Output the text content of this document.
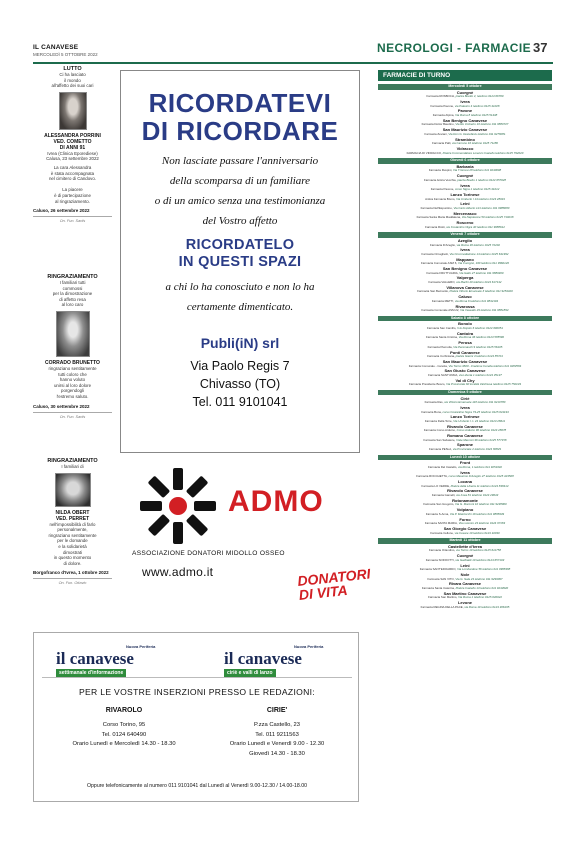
IL CANAVESE
MERCOLEDÌ 5 OTTOBRE 2022	NECROLOGI - FARMACIE 37
LUTTO
Ci ha lasciato
il mondo
all'affetto dei suoi cari
ALESSANDRA PORRINI
VED. COMETTO
DI ANNI 91
Ivrea (Clinica Eporediese)
Calusa, 23 settembre 2022
La cara Alessandra
è stata accompagnata
nel cimitero di Candovo.

La piacere
è di partecipazione
al ringraziamento.
Caluso, 26 settembre 2022
On. Fun. Sartis
RINGRAZIAMENTO
I familiari tutti
commossi
per la dimostrazione
di affetto resa
al loro caro
CORRADO BRUNETTO
ringraziano sentitamente
tutti coloro che
hanno voluto
unirsi al loro dolore
porgendogli
l'estremo saluto.
Caluso, 30 settembre 2022
On. Fun. Sartis
RINGRAZIAMENTO
I familiari di
NILDA OBERT
VED. PERRET
nell'impossibilità di farlo
personalmente,
ringraziano sentitamente
per le domande
e la solidarietà
dimostrati
in questo momento
di dolore.
Borgofranco d'Ivrea, 1 ottobre 2022
On. Fun. Ottavio
RICORDATEVI
DI RICORDARE
Non lasciate passare l'anniversario
della scomparsa di un familiare
o di un amico senza una testimonianza
del Vostro affetto
RICORDATELO
IN QUESTI SPAZI
a chi lo ha conosciuto e non lo ha
certamente dimenticato.
Publi(iN) srl
Via Paolo Regis 7
Chivasso (TO)
Tel. 011 9101041
ADMO
ASSOCIAZIONE DONATORI MIDOLLO OSSEO
www.admo.it	DONATORI DI VITA
il canavese
Nuova Periferia
settimanale d'informazione
il canavese
Nuova Periferia
ciriè e valli di lanzo
PER LE VOSTRE INSERZIONI PRESSO LE REDAZIONI:
RIVAROLO
Corso Torino, 95
Tel. 0124 640490
Orario Lunedì e Mercoledì 14.30 - 18.30
CIRIE'
P.zza Castello, 23
Tel. 011 9211563
Orario Lunedì e Venerdì 9.00 - 12.30
Giovedì 14.30 - 18.30
Oppure telefonicamente al numero 011 9101041 dal Lunedì al Venerdì 9.00-12.30 / 14.00-18.00
FARMACIE DI TURNO
Mercoledì 5 ottobre
Cuorgnè
Farmacia ROSBOCH, piazza Boetto 4, telefono 0124 66760
Ivrea
Farmacia Pavone, via Palestro 4 telefono 0125 41028
Pavone
Farmacia Alpina, Via Roma 8 telefono 0125 51438
San Benigno Canavese
Farmacia Dottor Baudino, Via Re Umberto 10 telefono 011 9880727
San Maurizio Canavese
Farmacia Zeviani, Via Don G. Destefanis telefono 011 9278081
Strambino
Farmacia Palli, via Carrone 16 telefono 0125 71186
Vidracco
FARMACIA DI VIDRACCO, Piazza Commendatore Lorenzo Castello telefono 0125 792020
Giovedì 6 ottobre
Barbania
Farmacia Ruspini, Via T.Grossi 28 telefono 011 9240008
Cuorgnè
Farmacia Antica Vecchia, piazza Boetto 1 telefono 0124 657028
Ivrea
Farmacia Pavone, corso Nigra 1 telefono 0125 41012
Lanzo Torinese
Antica Farmacia Bruno, Via Umberto I 14 telefono 0123 28019
Leini
Farmacia Dell'Espuntino, Via Carlo Alberto 121 telefono 011 9988080
Mercenasco
Farmacia Santa Maria Maddalena, Via Napoleone 50 telefono 0125 710018
Rosceno
Farmacia Riotti, via Costantino Nigra 40 telefono 011 9988612
Venerdì 7 ottobre
Azeglio
Farmacia D'Azeglio, via Roma 30 telefono 0125 72202
Ivrea
Farmacia Ornaghetti, Via Circonvallazione 14 telefono 0125 641992
Mappano
Farmacia Comunale ASM 6, Via Cuorgnè, 160 telefono 011 9960120
San Benigno Canavese
Farmacia FRUTTUARIA, Via Gallo 27 telefono 011 9880300
Valperga
Farmacia VALLERO, via Martiri 20 telefono 0124 617142
Villanova Canavese
Farmacia San Bernardo, Piazza Vittorio Emanuele II telefono 011 9254320
Caluso
Farmacia METTI, via Roma 6 telefono 011 9832194
Rivarossa
Farmacia Comunale ASM 22, Via Vassallo 29 telefono 011 9881894
Sabato 8 ottobre
Bonolo
Farmacia San Camillo, V.le Dopolo 6 telefono 0124 690051
Cantoira
Farmacia Santa Cristina, Via Roma 36 telefono 0123 585590
Perosa
Farmacia Piemolia, Via Peremasch 9 telefono 0125 56105
Ponti Canavese
Farmacia Corbiniana, piazza Gianni 4 telefono 0124 85724
San Maurizio Canavese
Farmacia Comunale - Ceretta, Via Torino 3829 - Frazione Ceretta telefono 011 9283584
San Giusto Canavese
Farmacia SANT'ANNA, via Liberta 1 telefono 0124 35137
Val di Chy
Farmacia Presidente Bosco, Via Provinciale 60 località Valchiusa telefono 0125 750133
Domenica 9 ottobre
Ciriè
Farmacia Ras, via Vittorio Emanuele 118 telefono 011 9210780
Ivrea
Farmacia Bona, corso Costantino Nigra 73-25 telefono 0125 641193
Lanzo Torinese
Farmacia Della Torre, Via Umberto I n. 24 telefono 0123 28611
Rivarolo Canavese
Farmacia Corso Arduino, Corso Arduino 90 telefono 0124 28078
Romano Canavese
Farmacia San Salvatore, Viale Marconi 36 telefono 0125 577158
Sparone
Farmacia PESLA, via Provinciale 2 telefono 0124 80829
Lunedì 10 ottobre
Front
Farmacia Del Castello, via Roma, 1 telefono 011 9251632
Ivrea
Farmacia ROCCHETTA, corso Massimo D'Azeglio 27 telefono 0125 423508
Locana
Farmacia LO VERDE, Piazza della Liberta 11 telefono 0124 838414
Rivarolo Canavese
Farmacia Gamelli, via Ivrea 81 telefono 0124 29643
Rotonamonte
Farmacia San Gregorio, Via G. Marconi 10 telefono 011 9238900
Volpiano
Farmacia S.Anna, Via P. Mazzocchi 16 telefono 011 9888339
Forno
Farmacia SANTA MARIA, Via Lorenzo 23 telefono 0124 97183
San Giorgio Canavese
Farmacia Cellone, via Cesare 10 telefono 0124 32030
Martedì 11 ottobre
Castellette d'Ivrea
Farmacia Orlandino, via Torino 10 telefono 0125 611758
Cuorgnè
Farmacia SOFFIOTTI, via Garibaldi 10 telefono 0124 657103
Leini
Farmacia SANT'EDOARDO, Via Lombardore 56 telefono 011 9988388
Nole
Farmacia SAN VITO, Via G. Sala 23 telefono 011 9299097
Rivara Canavese
Farmacia Santa Caterina, Piazza Castello 13 telefono 011 9243940
San Martino Canavese
Farmacia San Martino, Via Roma 1 telefono 0125 640022
Levone
Farmacia REGINA DELLA PACE, via Roma 10 telefono 0124 306195
